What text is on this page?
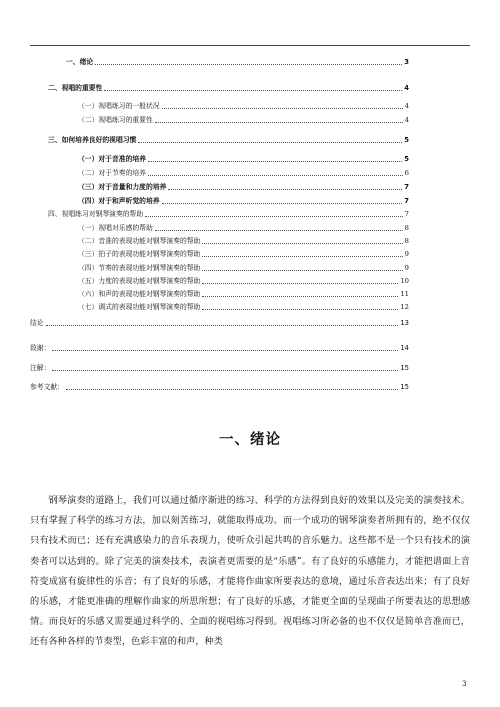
一、绪论	3
二、视唱的重要性	4
（一）视唱练习的一般状况	4
（二）视唱练习的重要性	4
三、如何培养良好的视唱习惯	5
（一）对于音准的培养	5
（二）对于节奏的培养	6
（三）对于音量和力度的培养	7
（四）对于和声听觉的培养	7
四、视唱练习对钢琴演奏的帮助	7
（一）视唱对乐感的帮助	8
（二）音准的表现功能对钢琴演奏的帮助	8
（三）拍子的表现功能对钢琴演奏的帮助	9
（四）节奏的表现功能对钢琴演奏的帮助	9
（五）力度的表现功能对钢琴演奏的帮助	10
（六）和声的表现功能对钢琴演奏的帮助	11
（七）调式的表现功能对钢琴演奏的帮助	12
结论	13
致谢：	14
注解：	15
参考文献：	15
一、绪论

钢琴演奏的道路上，我们可以通过循序渐进的练习、科学的方法得到良好的效果以及完美的演奏技术。只有掌握了科学的练习方法，加以刻苦练习，就能取得成功。而一个成功的钢琴演奏者所拥有的，绝不仅仅只有技术而已；还有充满感染力的音乐表现力，使听众引起共鸣的音乐魅力。这些都不是一个只有技术的演奏者可以达到的。除了完美的演奏技术，表演者更需要的是“乐感”。有了良好的乐感能力，才能把谱面上音符变成富有旋律性的乐音；有了良好的乐感，才能将作曲家所要表达的意境，通过乐音表达出来；有了良好的乐感，才能更准确的理解作曲家的所思所想；有了良好的乐感，才能更全面的呈现曲子所要表达的思想感情。而良好的乐感又需要通过科学的、全面的视唱练习得到。视唱练习所必备的也不仅仅是简单音准而已，还有各种各样的节奏型，色彩丰富的和声，种类

3
